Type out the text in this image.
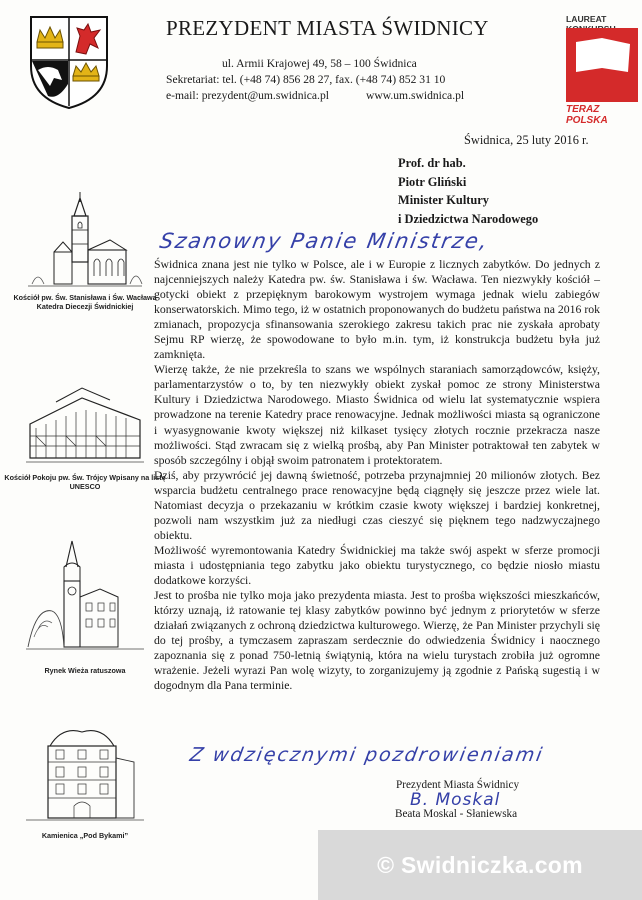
PREZYDENT MIASTA ŚWIDNICY
ul. Armii Krajowej 49, 58 – 100 Świdnica
Sekretariat: tel. (+48 74) 856 28 27, fax. (+48 74) 852 31 10
e-mail: prezydent@um.swidnica.pl	www.um.swidnica.pl
LAUREAT
TERAZ POLSKA
Świdnica, 25 luty 2016 r.
Prof. dr hab.
Piotr Gliński
Minister Kultury
i Dziedzictwa Narodowego
Szanowny Panie Ministrze,

Świdnica znana jest nie tylko w Polsce, ale i w Europie z licznych zabytków. Do jednych z najcenniejszych należy Katedra pw. św. Stanisława i św. Wacława. Ten niezwykły kościół – gotycki obiekt z przepięknym barokowym wystrojem wymaga jednak wielu zabiegów konserwatorskich. Mimo tego, iż w ostatnich proponowanych do budżetu państwa na 2016 rok zmianach, propozycja sfinansowania szerokiego zakresu takich prac nie zyskała aprobaty Sejmu RP wierzę, że spowodowane to było m.in. tym, iż konstrukcja budżetu była już zamknięta.

Wierzę także, że nie przekreśla to szans we wspólnych staraniach samorządowców, księży, parlamentarzystów o to, by ten niezwykły obiekt zyskał pomoc ze strony Ministerstwa Kultury i Dziedzictwa Narodowego. Miasto Świdnica od wielu lat systematycznie wspiera prowadzone na terenie Katedry prace renowacyjne. Jednak możliwości miasta są ograniczone i wyasygnowanie kwoty większej niż kilkaset tysięcy złotych rocznie przekracza nasze możliwości. Stąd zwracam się z wielką prośbą, aby Pan Minister potraktował ten zabytek w sposób szczególny i objął swoim patronatem i protektoratem.

Dziś, aby przywrócić jej dawną świetność, potrzeba przynajmniej 20 milionów złotych. Bez wsparcia budżetu centralnego prace renowacyjne będą ciągnęły się jeszcze przez wiele lat. Natomiast decyzja o przekazaniu w krótkim czasie kwoty większej i bardziej konkretnej, pozwoli nam wszystkim już za niedługi czas cieszyć się pięknem tego nadzwyczajnego obiektu.

Możliwość wyremontowania Katedry Świdnickiej ma także swój aspekt w sferze promocji miasta i udostępniania tego zabytku jako obiektu turystycznego, co będzie niosło miastu dodatkowe korzyści.

Jest to prośba nie tylko moja jako prezydenta miasta. Jest to prośba większości mieszkańców, którzy uznają, iż ratowanie tej klasy zabytków powinno być jednym z priorytetów w sferze działań związanych z ochroną dziedzictwa kulturowego. Wierzę, że Pan Minister przychyli się do tej prośby, a tymczasem zapraszam serdecznie do odwiedzenia Świdnicy i naocznego zapoznania się z ponad 750-letnią świątynią, która na wielu turystach zrobiła już ogromne wrażenie. Jeżeli wyrazi Pan wolę wizyty, to zorganizujemy ją zgodnie z Pańską sugestią i w dogodnym dla Pana terminie.

Z wdzięcznymi pozdrowieniami
Prezydent Miasta Świdnicy
B. Moskal
Beata Moskal - Słaniewska
Kościół pw. Św. Stanisława i Św. Wacława Katedra Diecezji Świdnickiej
Kościół Pokoju pw. Św. Trójcy Wpisany na listę UNESCO
Rynek Wieża ratuszowa
Kamienica „Pod Bykami”
© Swidniczka.com
